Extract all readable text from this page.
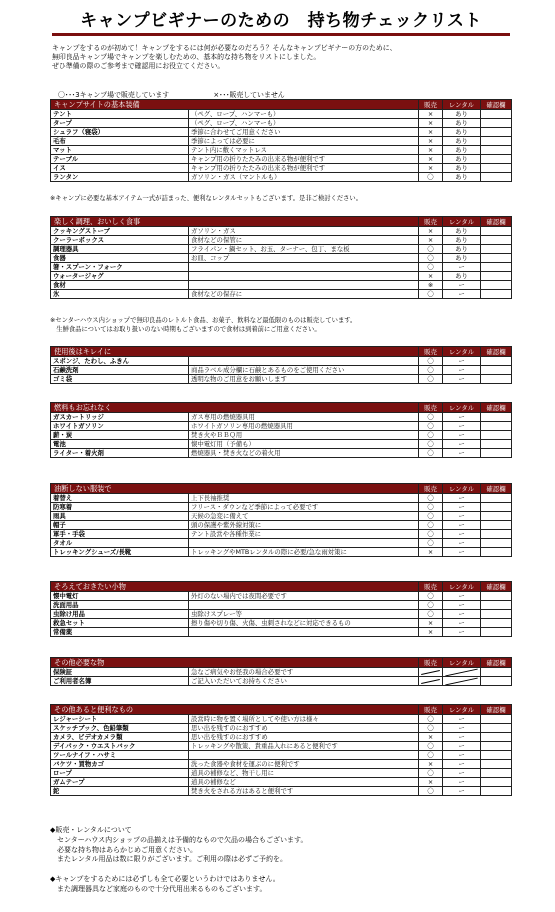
キャンプビギナーのための　持ち物チェックリスト
キャンプをするのが初めて！キャンプをするには何が必要なのだろう？そんなキャンプビギナーの方のために、
無印良品キャンプ場でキャンプを楽しむための、基本的な持ち物をリストにしました。
ぜひ準備の際のご参考まで確認用にお役立てください。
〇･･･3キャンプ場で販売しています	×･･･販売していません
キャンプサイトの基本装備		販売	レンタル	確認欄
テント	（ペグ、ロープ、ハンマーも）	×	あり	
タープ	（ペグ、ロープ、ハンマーも）	×	あり	
シュラフ（寝袋）	季節に合わせてご用意ください	×	あり	
毛布	季節によっては必要に	×	あり	
マット	テント内に敷くマットレス	×	あり	
テーブル	キャンプ用の折りたたみの出来る物が便利です	×	あり	
イス	キャンプ用の折りたたみの出来る物が便利です	×	あり	
ランタン	ガソリン・ガス（マントルも）	〇	あり	
※キャンプに必要な基本アイテム一式が詰まった、便利なレンタルセットもございます。是非ご検討ください。
楽しく調理、おいしく食事		販売	レンタル	確認欄
クッキングストーブ	ガソリン・ガス	×	あり	
クーラーボックス	食材などの保管に	×	あり	
調理器具	フライパン・鍋セット、お玉、ターナー、包丁、まな板	〇	あり	
食器	お皿、コップ	〇	あり	
箸・スプーン・フォーク		〇	ー	
ウォータージャグ		×	あり	
食材		※	ー	
氷	食材などの保存に	〇	ー	
※センターハウス内ショップで無印良品のレトルト食品、お菓子、飲料など最低限のものは販売しています。
　生鮮食品についてはお取り扱いのない時期もございますので食材は到着前にご用意ください。
使用後はキレイに		販売	レンタル	確認欄
スポンジ、たわし、ふきん		〇	ー	
石鹸洗剤	商品ラベル成分欄に石鹸とあるものをご使用ください	〇	ー	
ゴミ袋	透明な物のご用意をお願いします	〇	ー	
燃料もお忘れなく		販売	レンタル	確認欄
ガスカートリッジ	ガス専用の燃焼器具用	〇	ー	
ホワイトガソリン	ホワイトガソリン専用の燃焼器具用	〇	ー	
薪・炭	焚き火やＢＢＱ用	〇	ー	
電池	懐中電灯用（予備も）	〇	ー	
ライター・着火剤	燃焼器具・焚き火などの着火用	〇	ー	
油断しない服装で		販売	レンタル	確認欄
着替え	上下長袖推奨	〇	ー	
防寒着	フリース・ダウンなど季節によって必要です	〇	ー	
雨具	天候の急変に備えて	〇	ー	
帽子	頭の保護や紫外線対策に	〇	ー	
軍手・手袋	テント設営や各種作業に	〇	ー	
タオル		〇	ー	
トレッキングシューズ/長靴	トレッキングやMTBレンタルの際に必要/急な雨対策に	×	ー	
そろえておきたい小物		販売	レンタル	確認欄
懐中電灯	外灯のない場内では夜間必要です	〇	ー	
洗面用品		〇	ー	
虫除け用品	虫除けスプレー等	〇	ー	
救急セット	擦り傷や切り傷、火傷、虫刺されなどに対応できるもの	×	ー	
常備薬		×	ー	
その他必要な物		販売	レンタル	確認欄
保険証	急なご病気やお怪我の場合必要です			
ご利用者名簿	ご記入いただいてお持ちください			
その他あると便利なもの		販売	レンタル	確認欄
レジャーシート	設営時に物を置く場所としてや使い方は様々	〇	ー	
スケッチブック、色鉛筆類	思い出を残すのにおすすめ	〇	ー	
カメラ、ビデオカメラ類	思い出を残すのにおすすめ	×	ー	
デイパック・ウエストバック	トレッキングや散策、貴重品入れにあると便利です	〇	ー	
ツールナイフ・ハサミ		〇	ー	
バケツ・買物カゴ	洗った食器や食材を運ぶのに便利です	×	ー	
ロープ	道具の補修など、物干し用に	〇	ー	
ガムテープ	道具の補修など	×	ー	
鉈	焚き火をされる方はあると便利です	〇	ー	
◆販売・レンタルについて
　センターハウス内ショップの品揃えは予備的なもので欠品の場合もございます。
　必要な持ち物はあらかじめご用意ください。
　またレンタル用品は数に限りがございます。ご利用の際は必ずご予約を。

◆キャンプをするためには必ずしも全て必要というわけではありません。
　また調理器具など家庭のもので十分代用出来るものもございます。
